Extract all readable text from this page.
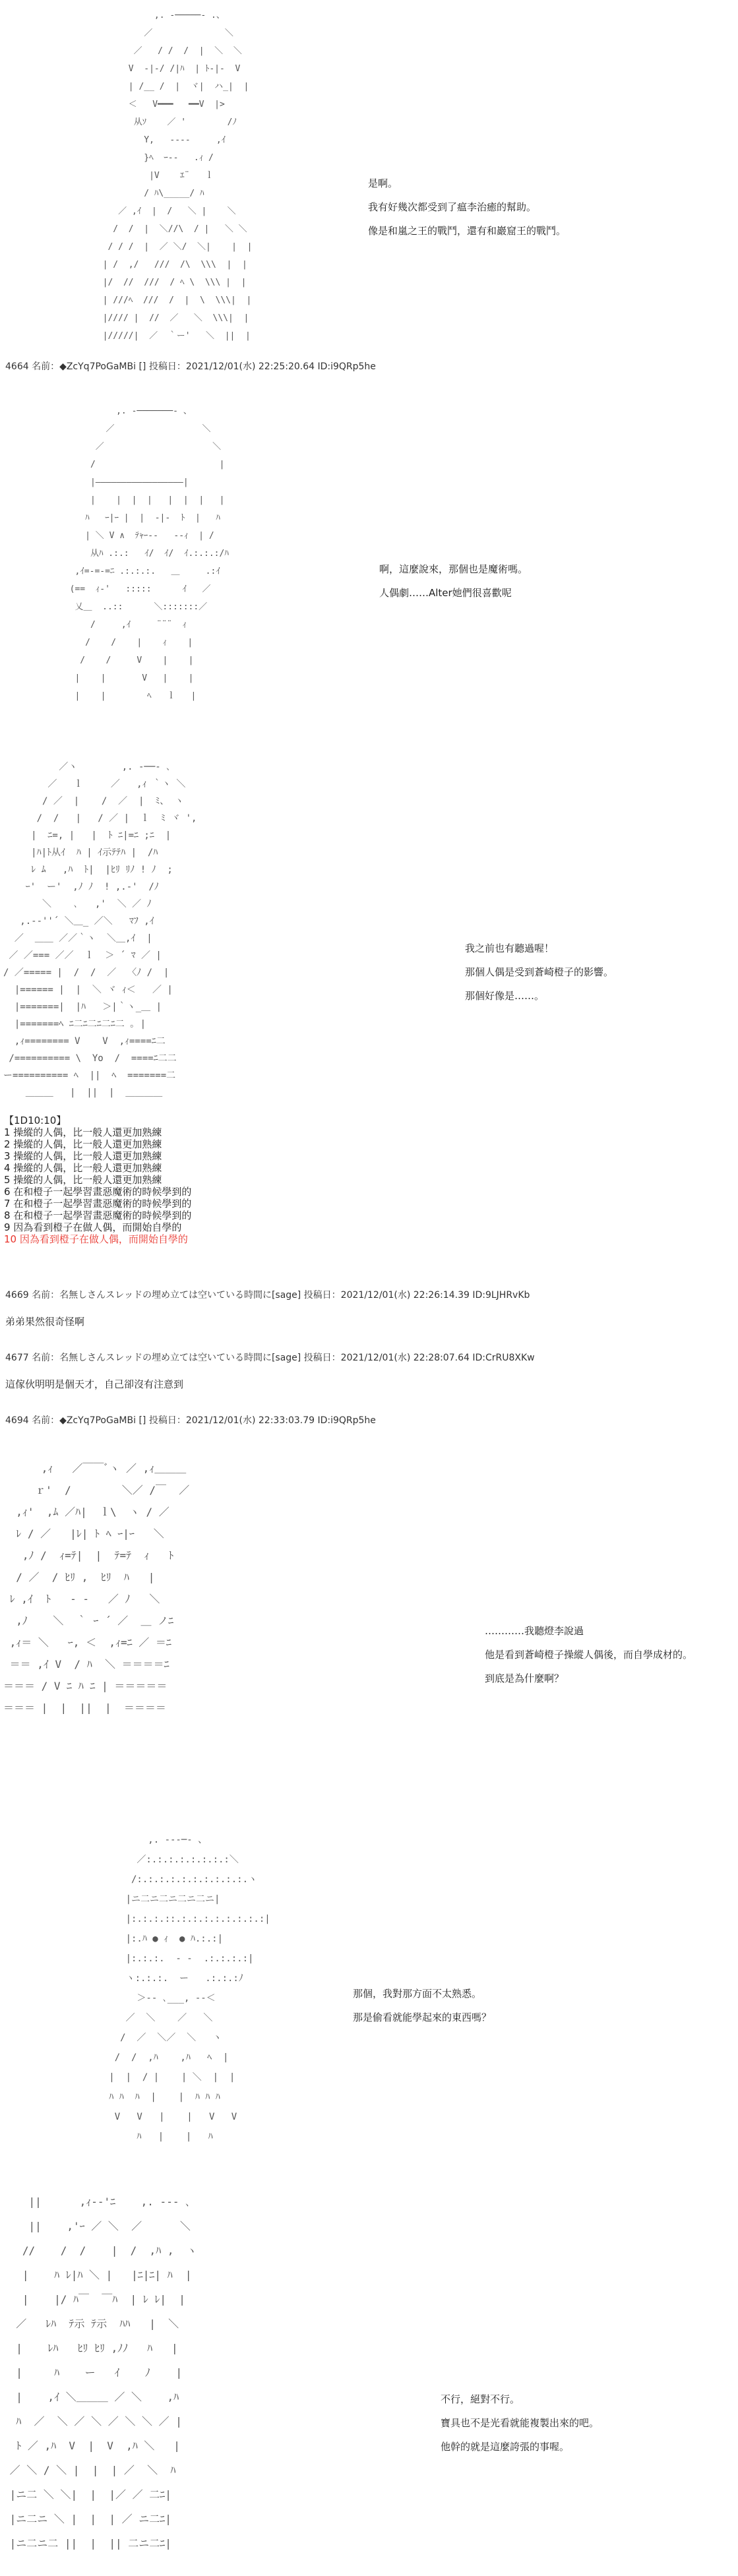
,. -─────- .、
／              ＼
／   / /  /  |  ＼  ＼
V  ‐|‐/ /|ﾊ  | ﾄ-|-  V
| /__ /  |  ヾ|  ハ_|  |
＜   V━━━   ━━V  |>
从ｿ    ／ '        /ﾉ
Y,   ‐‐‐‐     ,ｲ
}ﾍ  ｰ‐‐   .ｨ /
|V    ｴ¨   ｌ
/ ﾊ\_____/ ﾊ
／ ,ｲ  |  /   ＼ |    ＼
/  /  |  ＼//\  / |   ＼ ＼
/ / /  |  ／ ＼/  ＼|    |  |
| /  ,/   ///  /\  \\\  |  |
|/  //  ///  / ﾍ \  \\\ |  |
| ///ﾍ  ///  /  |  \  \\\|  |
|//// |  //  ／   ＼  \\\|  |
|/////|  ／  ｀ー'   ＼  ||  |
是啊。
我有好幾次都受到了瘟李治癒的幫助。
像是和嵐之王的戰鬥，還有和巖窟王的戰鬥。
4664 名前：◆ZcYq7PoGaMBi [] 投稿日：2021/12/01(水) 22:25:20.64 ID:i9QRp5he
,. -───────- 、
／                 ＼
／                     ＼
/                        |
|―――――――――――――――――|
|    |  |  |   |  |  |   |
ﾊ   ｰ|ｰ |  |  -|-  ﾄ  |   ﾊ
| ＼ V ∧  ﾃｬｰ‐‐   ‐‐ｨ  | /
从ﾊ .:.:   ｲ/  ｲ/  ｲ.:.:.:/ﾊ
,ｲ=-=-=ﾆ .:.:.:.   ＿     .:ｲ
(==  ｨ-'   :::::      ｲ   ／
乂＿  ..::      ＼:::::::／
/     ,ｲ     ¨¨¨  ｨ
/    /    |    ｨ    |
/    /     V    |    |
|    |       V   |    |
|    |        ﾍ   ｌ   |
啊，這麼說來，那個也是魔術嗎。
人偶劇……Alter她們很喜歡呢
／ヽ        ,. -──- ､
／   ｌ     ／   ,ｨ ｀ヽ ＼
/ ／  |    /  ／  |  ﾐ、 ヽ
/  /   |   / ／ |  ｌ  ﾐ ヾ ',
|  ﾆ=, |   |  ﾄ ﾆ|=ﾆ ;ﾆ  |
|ﾊ|ﾄ从ｲ  ﾊ | ｲ示ﾃﾃﾊ |  /ﾊ
ﾚ ﾑ   ,ﾊ  ﾄ|  |ﾋﾘ ﾘﾉ ! ﾉ  ;
ｰ'  ー'  ,ﾉ ﾉ  ! ,.‐'  /ﾉ
＼    ､   ,'  ＼ ／ ﾉ
,.-‐''´ ＼＿_ ／＼   ﾏﾌ ,ｲ
／  ＿＿ ／／｀ヽ  ＼＿,ｲ  |
／ ／=== ／／  ｌ  ＞ ´ ﾏ ／ |
/ ／===== |  /  /  ／  〈ﾉ /  |
|====== |  |  ＼ ヾ ｨ＜   ／ |
|=======|  |ﾊ   ＞|｀ヽ_＿ |
|=======ﾍ ﾆ二ﾆ二ﾆ二ﾆ二 ｡ |
,ｨ======== V    V  ,ｨ====ﾆ二
/========== \  Yo  /  ====ﾆ二二
ー========== ﾍ  ||  ﾍ  =======二
＿＿＿   |  ||  |  ＿＿＿＿
我之前也有聽過喔！
那個人偶是受到蒼崎橙子的影響。
那個好像是……。
【1D10:10】
1 操縱的人偶，比一般人還更加熟練
2 操縱的人偶，比一般人還更加熟練
3 操縱的人偶，比一般人還更加熟練
4 操縱的人偶，比一般人還更加熟練
5 操縱的人偶，比一般人還更加熟練
6 在和橙子一起學習畫惡魔術的時候學到的
7 在和橙子一起學習畫惡魔術的時候學到的
8 在和橙子一起學習畫惡魔術的時候學到的
9 因為看到橙子在做人偶，而開始自學的
10 因為看到橙子在做人偶，而開始自學的
4669 名前：名無しさんスレッドの埋め立ては空いている時間に[sage] 投稿日：2021/12/01(水) 22:26:14.39 ID:9LJHRvKb
弟弟果然很奇怪啊
4677 名前：名無しさんスレッドの埋め立ては空いている時間に[sage] 投稿日：2021/12/01(水) 22:28:07.64 ID:CrRU8XKw
這傢伙明明是個天才，自己卻沒有注意到
4694 名前：◆ZcYq7PoGaMBi [] 投稿日：2021/12/01(水) 22:33:03.79 ID:i9QRp5he
,ｨ   ／￣￣ﾞヽ ／ ,ｨ＿＿＿
ｒ'  /        ＼／ /￣  ／
,ｨ'  ,ﾑ ／ﾊ|  ｌ\  ヽ / ／
ﾚ / ／   |ﾚ| ﾄ ﾍ ｰ|ｰ   ＼
,ﾉ /  ｨ=ﾃ|  |  ﾃ=ﾃ  ｨ   ﾄ
/ ／  / ﾋﾘ ,  ﾋﾘ  ﾊ   |
ﾚ ,ｲ  ﾄ   ‐ ‐   ／ ﾉ   ＼
,ﾉ    ＼  ｀ ｰ ´ ／  ＿ ノﾆ
,ｨ＝ ＼   ｰ, ＜  ,ｨ=ﾆ ／ ＝ﾆ
＝＝ ,ｲ V  / ﾊ  ＼ ＝＝＝＝ﾆ
＝＝＝ / V ﾆ ﾊ ﾆ | ＝＝＝＝＝
＝＝＝ |  |  ||  |  ＝＝＝＝
…………我聽燈李說過
他是看到蒼崎橙子操縱人偶後，而自學成材的。
到底是為什麼啊？
,. ---─- 、
／:.:.:.:.:.:.:.:＼
/:.:.:.:.:.:.:.:.:.:.ヽ
|ニ二ニ二ニ二ニ二ニ|
|:.:.:.::.:.:.:.:.:.:.:.:|
|:.ﾊ ● ｨ  ● ﾊ.:.:|
|:.:.:.  ‐ ‐  .:.:.:.:|
ヽ:.:.:.  ー   .:.:.:ﾉ
＞-- ､___, --＜
／  ＼    ／   ＼
/  ／  ＼／  ＼   ヽ
/  /  ,ﾊ    ,ﾊ   ﾍ  |
|  |  / |    | ＼  |  |
ﾊ ﾊ  ﾊ  |    |  ﾊ ﾊ ﾊ
V   V   |    |   V   V
ﾊ   |    |   ﾊ
那個，我對那方面不太熟悉。
那是偷看就能學起來的東西嗎？
||      ,ｨ‐‐'ﾆ    ,. --- ､
||    ,'ｰ ／ ＼  ／      ＼
//    /  /    |  /  ,ﾊ ,  ヽ
|    ﾊ ﾚ|ﾊ ＼ |   |ﾆ|ﾆ| ﾊ  |
|    |/ ﾊ￣  ￣ﾊ  | ﾚ ﾚ|  |
／   ﾚﾊ  ﾃ示 ﾃ示  ﾊﾊ   |  ＼
|    ﾚﾊ   ﾋﾘ ﾋﾘ ,ﾉﾉ   ﾊ   |
|     ﾊ    ー   ｲ    ﾉ    |
|    ,ｲ ＼＿＿＿ ／ ＼    ,ﾊ
ﾊ  ／  ＼ ／ ＼ ／ ＼ ＼ ／ |
ﾄ ／ ,ﾊ  V  |  V  ,ﾊ ＼   |
／ ＼ / ＼ |  |  | ／  ＼  ﾊ
|ニ二 ＼ ＼|  |  |／ ／ 二ﾆ|
|ニ二ニ ＼ |  |  | ／ ニ二ﾆ|
|ニ二ニ二 ||  |  || 二ニ二ﾆ|
不行，絕對不行。
寶具也不是光看就能複製出來的吧。
他幹的就是這麼誇張的事喔。
